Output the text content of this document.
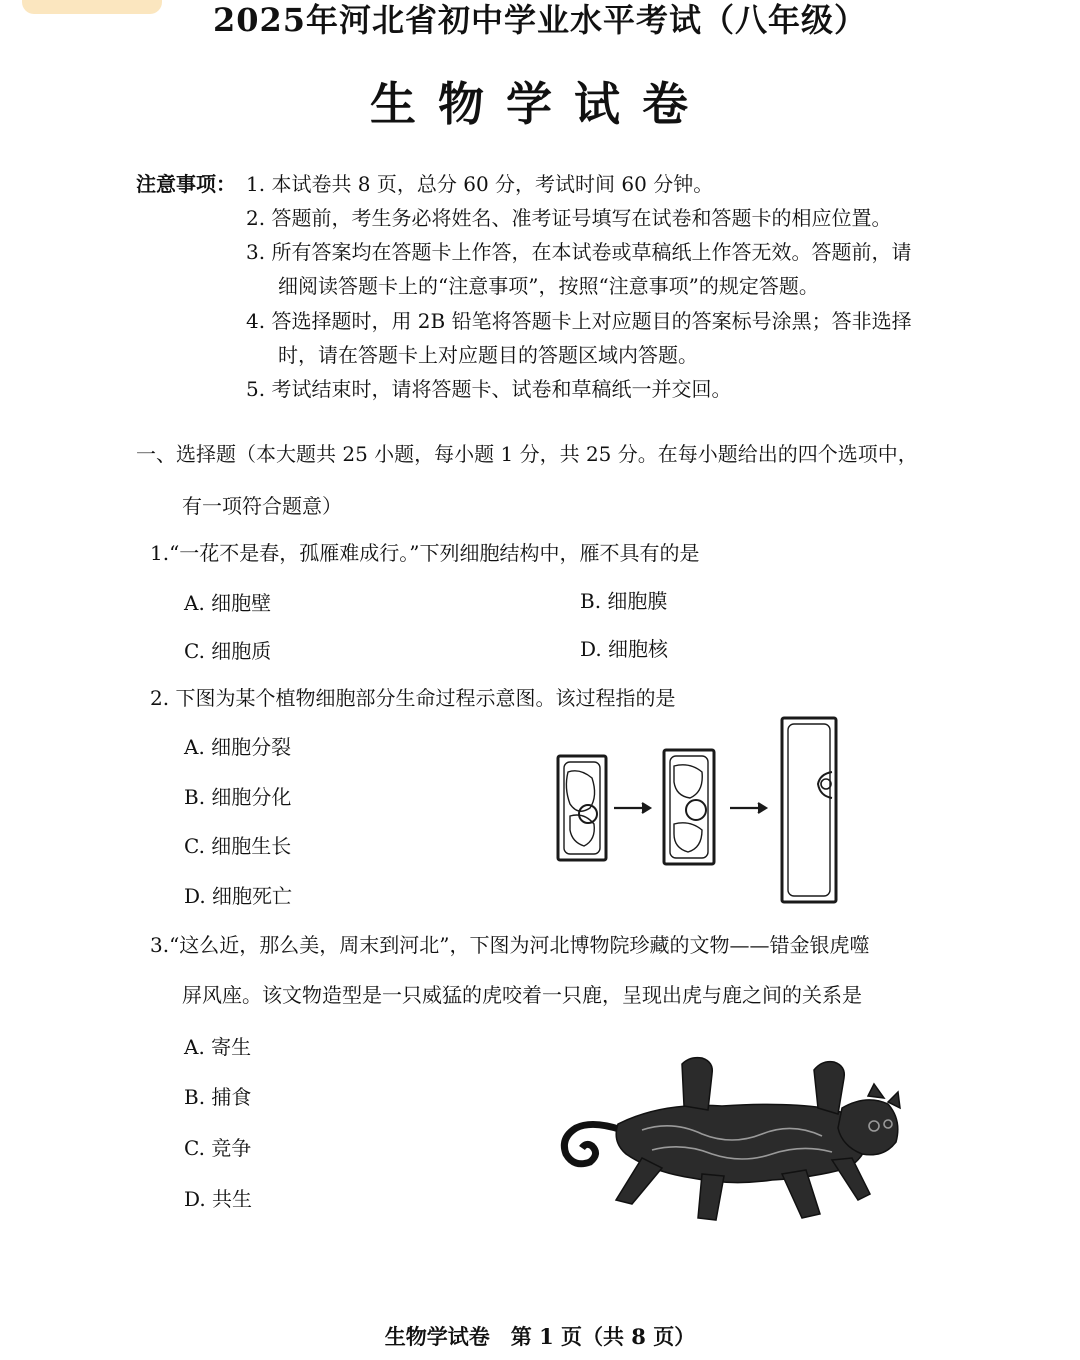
2025年河北省初中学业水平考试（八年级）
生物学试卷
注意事项： 1. 本试卷共 8 页，总分 60 分，考试时间 60 分钟。
2. 答题前，考生务必将姓名、准考证号填写在试卷和答题卡的相应位置。
3. 所有答案均在答题卡上作答，在本试卷或草稿纸上作答无效。答题前，请
细阅读答题卡上的“注意事项”，按照“注意事项”的规定答题。
4. 答选择题时，用 2B 铅笔将答题卡上对应题目的答案标号涂黑；答非选择
时，请在答题卡上对应题目的答题区域内答题。
5. 考试结束时，请将答题卡、试卷和草稿纸一并交回。
一、选择题（本大题共 25 小题，每小题 1 分，共 25 分。在每小题给出的四个选项中，
有一项符合题意）
1.“一花不是春，孤雁难成行。”下列细胞结构中，雁不具有的是
A. 细胞壁	B. 细胞膜
C. 细胞质	D. 细胞核
2. 下图为某个植物细胞部分生命过程示意图。该过程指的是
A. 细胞分裂
B. 细胞分化
C. 细胞生长
D. 细胞死亡
3.“这么近，那么美，周末到河北”，下图为河北博物院珍藏的文物——错金银虎噬
屏风座。该文物造型是一只威猛的虎咬着一只鹿，呈现出虎与鹿之间的关系是
A. 寄生
B. 捕食
C. 竞争
D. 共生
生物学试卷　第 1 页（共 8 页）
